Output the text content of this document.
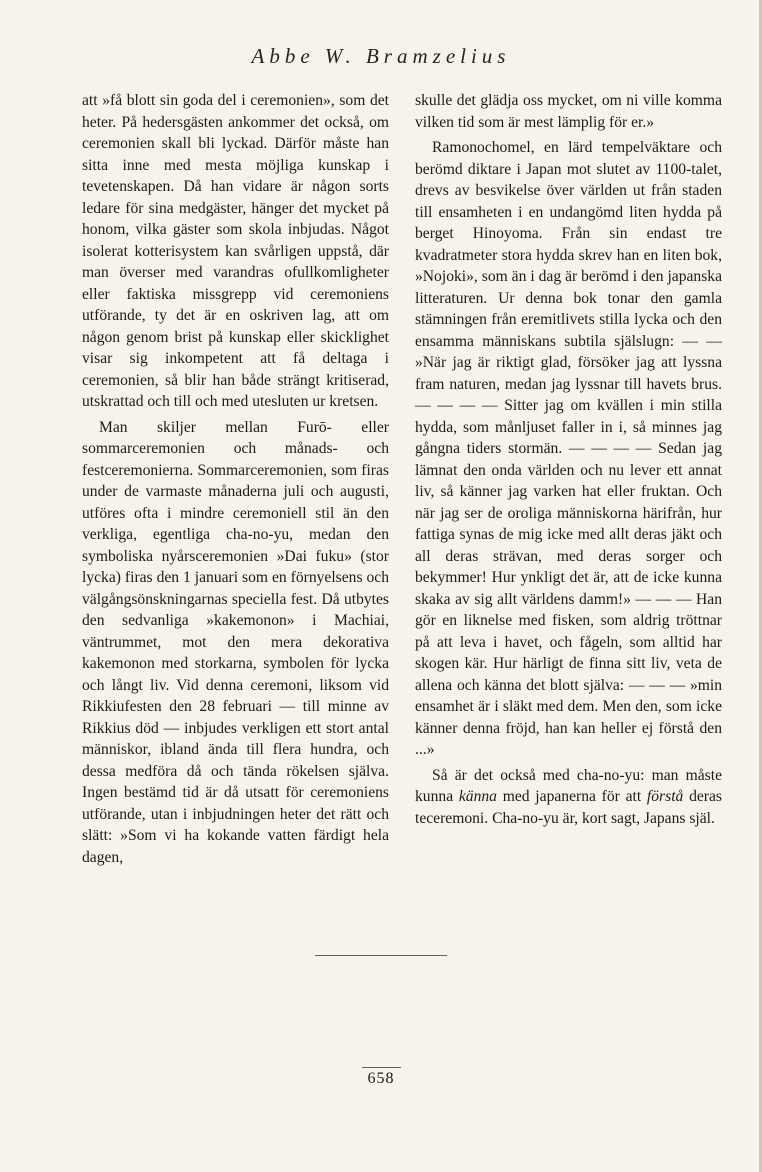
Abbe W. Bramzelius

att »få blott sin goda del i ceremonien», som det heter. På hedersgästen ankommer det också, om ceremonien skall bli lyckad. Därför måste han sitta inne med mesta möjliga kunskap i tevetenskapen. Då han vidare är någon sorts ledare för sina medgäster, hänger det mycket på honom, vilka gäster som skola inbjudas. Något isolerat kotterisystem kan svårligen uppstå, där man överser med varandras ofullkomligheter eller faktiska missgrepp vid ceremoniens utförande, ty det är en oskriven lag, att om någon genom brist på kunskap eller skicklighet visar sig inkompetent att få deltaga i ceremonien, så blir han både strängt kritiserad, utskrattad och till och med utesluten ur kretsen.

Man skiljer mellan Furō- eller sommarceremonien och månads- och festceremonierna. Sommarceremonien, som firas under de varmaste månaderna juli och augusti, utföres ofta i mindre ceremoniell stil än den verkliga, egentliga cha-no-yu, medan den symboliska nyårsceremonien »Dai fuku» (stor lycka) firas den 1 januari som en förnyelsens och välgångsönskningarnas speciella fest. Då utbytes den sedvanliga »kakemonon» i Machiai, väntrummet, mot den mera dekorativa kakemonon med storkarna, symbolen för lycka och långt liv. Vid denna ceremoni, liksom vid Rikkiufesten den 28 februari — till minne av Rikkius död — inbjudes verkligen ett stort antal människor, ibland ända till flera hundra, och dessa medföra då och tända rökelsen själva. Ingen bestämd tid är då utsatt för ceremoniens utförande, utan i inbjudningen heter det rätt och slätt: »Som vi ha kokande vatten färdigt hela dagen,

skulle det glädja oss mycket, om ni ville komma vilken tid som är mest lämplig för er.»

Ramonochomel, en lärd tempelväktare och berömd diktare i Japan mot slutet av 1100-talet, drevs av besvikelse över världen ut från staden till ensamheten i en undangömd liten hydda på berget Hinoyoma. Från sin endast tre kvadratmeter stora hydda skrev han en liten bok, »Nojoki», som än i dag är berömd i den japanska litteraturen. Ur denna bok tonar den gamla stämningen från eremitlivets stilla lycka och den ensamma människans subtila själslugn: — — »När jag är riktigt glad, försöker jag att lyssna fram naturen, medan jag lyssnar till havets brus. — — — — Sitter jag om kvällen i min stilla hydda, som månljuset faller in i, så minnes jag gångna tiders stormän. — — — — Sedan jag lämnat den onda världen och nu lever ett annat liv, så känner jag varken hat eller fruktan. Och när jag ser de oroliga människorna härifrån, hur fattiga synas de mig icke med allt deras jäkt och all deras strävan, med deras sorger och bekymmer! Hur ynkligt det är, att de icke kunna skaka av sig allt världens damm!» — — — Han gör en liknelse med fisken, som aldrig tröttnar på att leva i havet, och fågeln, som alltid har skogen kär. Hur härligt de finna sitt liv, veta de allena och känna det blott själva: — — — »min ensamhet är i släkt med dem. Men den, som icke känner denna fröjd, han kan heller ej förstå den ...»

Så är det också med cha-no-yu: man måste kunna känna med japanerna för att förstå deras teceremoni. Cha-no-yu är, kort sagt, Japans själ.

658
